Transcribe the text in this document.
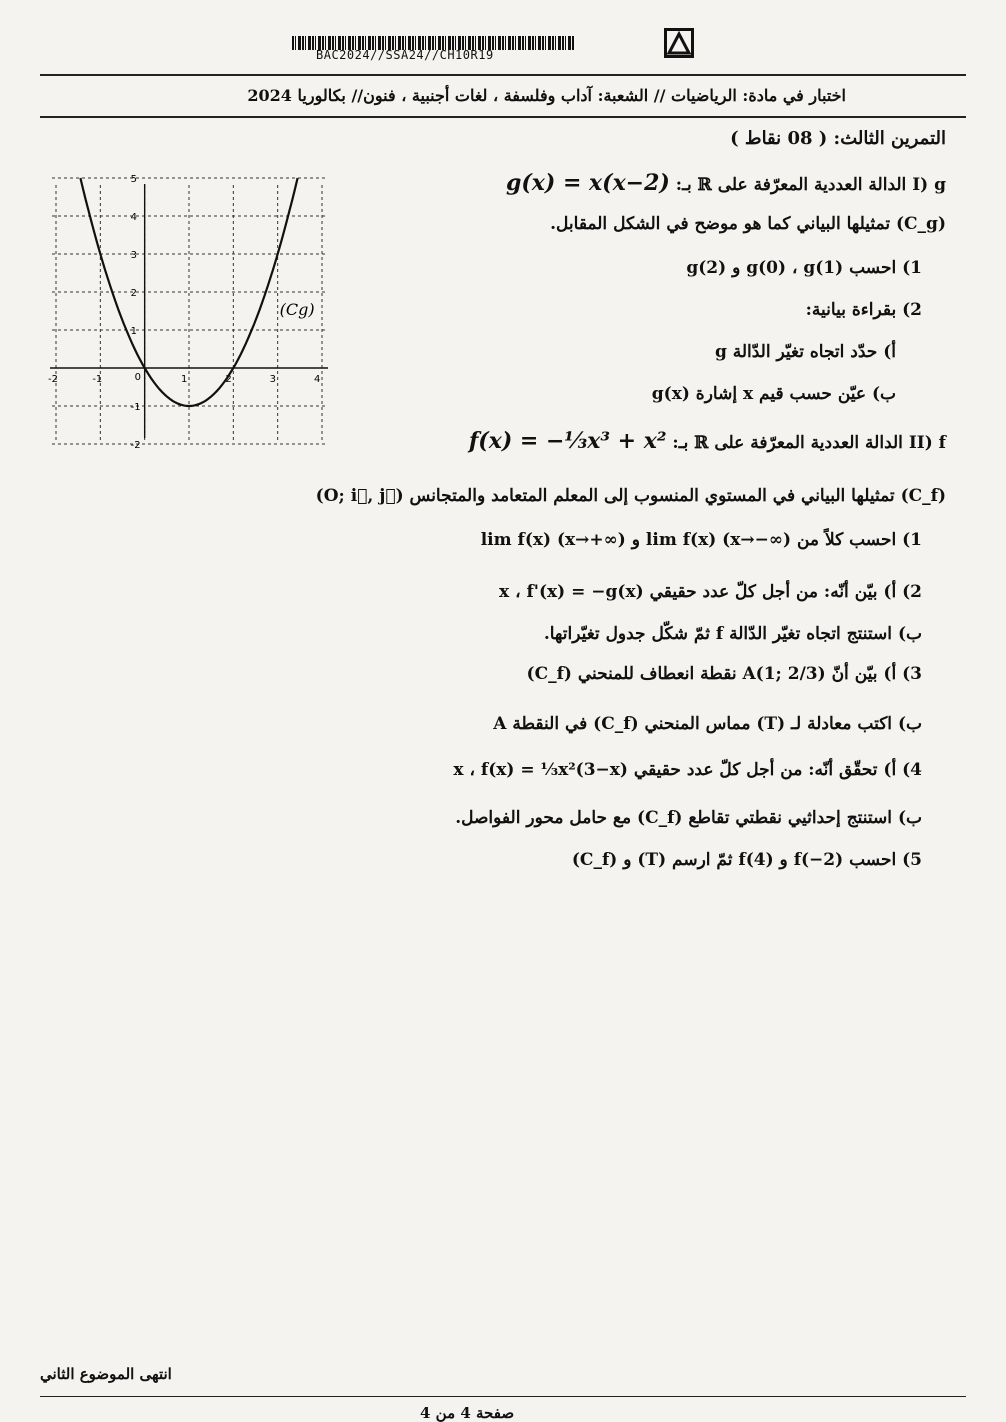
BAC2024//SSA24//CH10R19
اختبار في مادة: الرياضيات // الشعبة: آداب وفلسفة ، لغات أجنبية ، فنون// بكالوريا 2024
التمرين الثالث: ( 08 نقاط )
I) g الدالة العددية المعرّفة على ℝ بـ: g(x) = x(x−2)
(C_g) تمثيلها البياني كما هو موضح في الشكل المقابل.
1) احسب g(0) ، g(1) و g(2)
2) بقراءة بيانية:
أ) حدّد اتجاه تغيّر الدّالة g
ب) عيّن حسب قيم x إشارة g(x)
II) f الدالة العددية المعرّفة على ℝ بـ: f(x) = −⅓x³ + x²
(C_f) تمثيلها البياني في المستوي المنسوب إلى المعلم المتعامد والمتجانس (O; i⃗, j⃗)
1) احسب كلاً من lim f(x) (x→−∞) و lim f(x) (x→+∞)
2) أ) بيّن أنّه: من أجل كلّ عدد حقيقي x ، f'(x) = −g(x)
ب) استنتج اتجاه تغيّر الدّالة f ثمّ شكّل جدول تغيّراتها.
3) أ) بيّن أنّ A(1; 2/3) نقطة انعطاف للمنحني (C_f)
ب) اكتب معادلة لـ (T) مماس المنحني (C_f) في النقطة A
4) أ) تحقّق أنّه: من أجل كلّ عدد حقيقي x ، f(x) = ⅓x²(3−x)
ب) استنتج إحداثيي نقطتي تقاطع (C_f) مع حامل محور الفواصل.
5) احسب f(−2) و f(4) ثمّ ارسم (T) و (C_f)
-2	-1	1	2	3	4
-2
-1
1
2
3
4
5
(Cg)
0
انتهى الموضوع الثاني
صفحة 4 من 4
